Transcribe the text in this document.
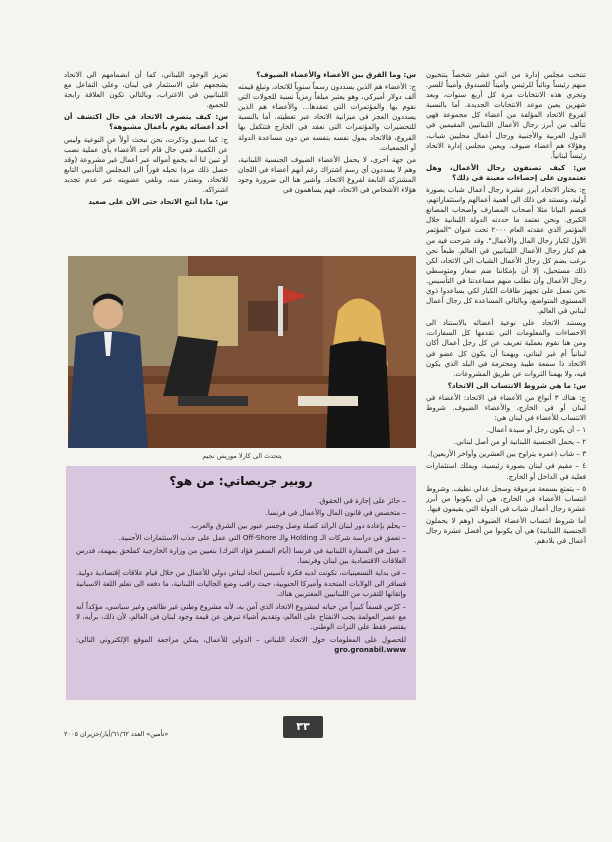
تنتخب مجلس إدارة من اثني عشر شخصاً ينتخبون منهم رئيساً ونائباً للرئيس وأميناً للصندوق وأميناً للسر. وتجري هذه الانتخابات مرة كل أربع سنوات، وبعد شهرين يعين موعد الانتخابات الجديدة. أما بالنسبة لفروع الاتحاد المؤلفة من أعضاء كل مجموعة فهي تتألف من أبرز رجال الأعمال اللبنانيين المقيمين في الدول العربية والأجنبية ورجال أعمال محليين شباب، وهؤلاء هم أعضاء ضيوف. ويعين مجلس إدارة الاتحاد رئيساً لبنانياً.

س: كيف تصنفون رجال الأعمال، وهل تعتمدون على إحصاءات معينة في ذلك؟

ج: يختار الاتحاد أبرز عشرة رجال أعمال شباب بصورة أولية، ونستند في ذلك الى أهمية أعمالهم واستثماراتهم، فيضم البيانا مثلا أصحاب المصارف وأصحاب المصانع الكبرى. ونحن نعتمد ما حددته الدولة اللبنانية خلال المؤتمر الذي عقدته العام ٢٠٠٠ تحت عنوان "المؤتمر الأول لكبار رجال المال والأعمال". وقد شرحت فيه من هم كبار رجال الأعمال اللبنانيين في العالم. طبعاً نحن نرغب بضم كل رجال الأعمال الشباب الى الاتحاد، لكن ذلك مستحيل، إلا أن بإمكاننا ضم صغار ومتوسطي رجال الأعمال وأن نطلب منهم مساعدتنا في التأسيس. نحن نعمل على تجهيز طاقات الكبار لكي يساعدوا ذوي المستوى المتواضع، وبالتالي المساعدة كل رجال أعمال لبناني في العالم.

ويستند الاتحاد على نوعية أعضائه بالاستناد الى الاحصاءات والمعلومات التي تقدمها كل السفارات، ومن هنا نقوم بعملية تعريف عن كل رجل أعمال أكان لبنانياً أم غير لبناني، ويهمنا أن يكون كل عضو في الاتحاد ذا سمعة طيبة ومحترمة في البلد الذي يكون فيه، ولا يهمنا الثروات عن طريق المشروعات.

س: ما هي شروط الانتساب الى الاتحاد؟

ج: هناك ٣ أنواع من الأعضاء في الاتحاد: الأعضاء في لبنان أو في الخارج، والأعضاء الضيوف. شروط الانتساب للأعضاء في لبنان هي:

١ – أن يكون رجل أو سيدة أعمال.

٢ – يحمل الجنسية اللبنانية أو من أصل لبناني.

٣ – شاب (عمره يتراوح بين العشرين وأواخر الأربعين).

٤ – مقيم في لبنان بصورة رئيسية، ويملك استثمارات فعلية في الداخل أو الخارج.

٥ – يتمتع بسمعة مرموقة وسجل عدلي نظيف. وشروط انتساب الأعضاء في الخارج، هي أن يكونوا من أبرز عشرة رجال أعمال شباب في الدولة التي يقيمون فيها.

أما شروط انتساب الأعضاء الضيوف (وهم لا يحملون الجنسية اللبنانية) هي أن يكونوا من أفضل عشرة رجال أعمال في بلادهم.

س: وما الفرق بين الأعضاء والأعضاء الضيوف؟

ج: الأعضاء هم الذين يسددون رسماً سنوياً للاتحاد، وتبلغ قيمته ألف دولار أميركي، وهو يعتبر مبلغاً رمزياً نسبة للجولات التي نقوم بها والمؤتمرات التي تعقدها... والأعضاء هم الذين يسددون العجز في ميزانية الاتحاد عبر تغطيته. أما بالنسبة للتحضيرات والمؤتمرات التي تعقد في الخارج فتتكفل بها الفروع، فالاتحاد يمول نفسه بنفسه من دون مساعدة الدولة أو الجمعيات.

من جهة أخرى، لا يحمل الأعضاء الضيوف الجنسية اللبنانية، وهم لا يسددون أي رسم اشتراك رغم أنهم أعضاء في اللجان المشتركة التابعة لفروع الاتحاد. وأشير هنا الى ضرورة وجود هؤلاء الأشخاص في الاتحاد، فهم يساهمون في

تعزيز الوجود اللبناني، كما أن انضمامهم الى الاتحاد يشجعهم على الاستثمار في لبنان، وعلى التفاعل مع اللبنانيين في الاغتراب، وبالتالي تكون العلاقة رابحة للجميع.

س: كيف يتصرف الاتحاد في حال اكتشف أن أحد أعضائه يقوم بأعمال مشبوهة؟

ج: كما سبق وذكرت، نحن نبحث أولاً عن النوعية وليس عن الكمية. ففي حال قام أحد الأعضاء بأي عملية نصب أو تبين لنا أنه يجمع أمواله عبر أعمال غير مشروعة (وقد حصل ذلك مرة) نحيله فوراً الى المجلس التأديبي التابع للاتحاد، ونعتذر منه، ونلغي عضويته عبر عدم تجديد اشتراكه.

س: ماذا أنتج الاتحاد حتى الآن على صعيد

يتحدث الى كارلا موريس نجيم
روبير جريصاتي: من هو؟

– حائز على إجازة في الحقوق.

– متخصص في قانون المال والأعمال في فرنسا.

– يحلم بإعادة دور لبنان الرائد كصلة وصل وجسر عبور بين الشرق والغرب.

– تعمق في دراسة شركات الـ Holding والـ Off-Shore التي عمل على جذب الاستثمارات الأجنبية.

– عمل في السفارة اللبنانية في فرنسا (أيام السفير فؤاد الترك) بتعيين من وزارة الخارجية كملحق بمهمة، فدرس العلاقات الاقتصادية بين لبنان وفرنسا.

– في بداية التسعينيات، تكونت لديه فكرة تأسيس اتحاد لبناني دولي للأعمال من خلال قيام علاقات إقتصادية دولية. فسافر الى الولايات المتحدة وأميركا الجنوبية، حيث راقب وضع الجاليات اللبنانية، ما دفعه الى تعلم اللغة الاسبانية وإتقانها للتقرب من اللبنانيين المغتربين هناك.

– كرّس قسماً كبيراً من حياته لمشروع الاتحاد الذي آمن به، لأنه مشروع وطني غير طائفي وغير سياسي، مؤكداً أنه مع عصر العولمة يجب الانفتاح على العالم، وتقديم أشياء تبرهن عن قيمة وجود لبنان في العالم، لأن ذلك، برأيه، لا يقتصر فقط على التراث الوطني.

للحصول على المعلومات حول الاتحاد اللبناني – الدولي للأعمال، يمكن مراجعة الموقع الإلكتروني التالي: gro.gronabil.www

«تأمين» العدد ٦١/٦٢/أيار/حزيران ٢٠٠٥
٣٣
